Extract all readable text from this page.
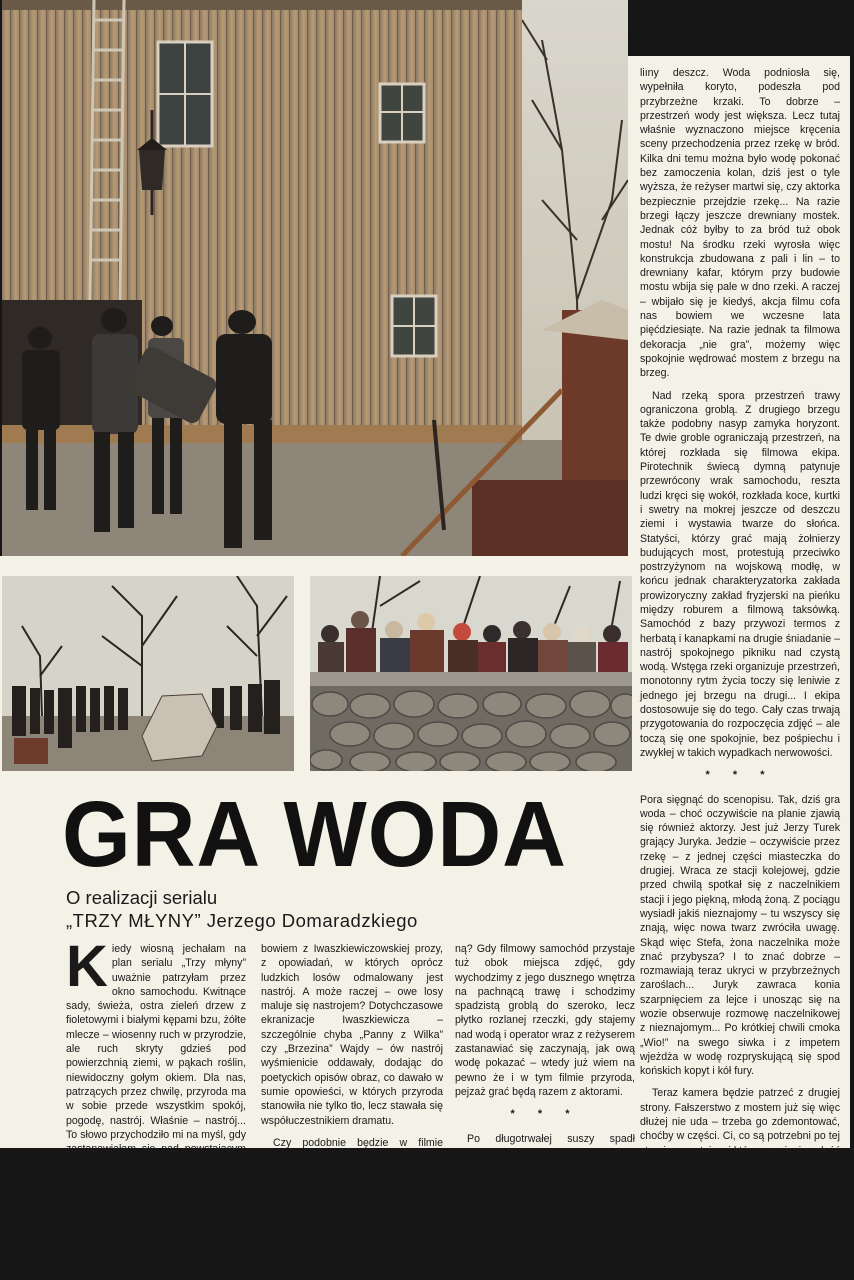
liıny deszcz. Woda podniosła się, wypełniła koryto, podeszła pod przybrzeżne krzaki. To dobrze – przestrzeń wody jest większa. Lecz tutaj właśnie wyznaczono miejsce kręcenia sceny przechodzenia przez rzekę w bród. Kilka dni temu można było wodę pokonać bez zamoczenia kolan, dziś jest o tyle wyższa, że reżyser martwi się, czy aktorka bezpiecznie przejdzie rzekę... Na razie brzegi łączy jeszcze drewniany mostek. Jednak cóż byłby to za bród tuż obok mostu! Na środku rzeki wyrosła więc konstrukcja zbudowana z pali i lin – to drewniany kafar, którym przy budowie mostu wbija się pale w dno rzeki. A raczej – wbijało się je kiedyś, akcja filmu cofa nas bowiem we wczesne lata pięćdziesiąte. Na razie jednak ta filmowa dekoracja „nie gra”, możemy więc spokojnie wędrować mostem z brzegu na brzeg.

Nad rzeką spora przestrzeń trawy ograniczona groblą. Z drugiego brzegu także podobny nasyp zamyka horyzont. Te dwie groble ograniczają przestrzeń, na której rozkłada się filmowa ekipa. Pirotechnik świecą dymną patynuje przewrócony wrak samochodu, reszta ludzi kręci się wokół, rozkłada koce, kurtki i swetry na mokrej jeszcze od deszczu ziemi i wystawia twarze do słońca. Statyści, którzy grać mają żołnierzy budujących most, protestują przeciwko postrzyżynom na wojskową modłę, w końcu jednak charakteryzatorka zakłada prowizoryczny zakład fryzjerski na pieńku między roburem a filmową taksówką. Samochód z bazy przywozi termos z herbatą i kanapkami na drugie śniadanie – nastrój spokojnego pikniku nad czystą wodą. Wstęga rzeki organizuje przestrzeń, monotonny rytm życia toczy się leniwie z jednego jej brzegu na drugi... I ekipa dostosowuje się do tego. Cały czas trwają przygotowania do rozpoczęcia zdjęć – ale toczą się one spokojnie, bez pośpiechu i zwykłej w takich wypadkach nerwowości.

* * *

Pora sięgnąć do scenopisu. Tak, dziś gra woda – choć oczywiście na planie zjawią się również aktorzy. Jest już Jerzy Turek grający Juryka. Jedzie – oczywiście przez rzekę – z jednej części miasteczka do drugiej. Wraca ze stacji kolejowej, gdzie przed chwilą spotkał się z naczelnikiem stacji i jego piękną, młodą żoną. Z pociągu wysiadł jakiś nieznajomy – tu wszyscy się znają, więc nowa twarz zwróciła uwagę. Skąd więc Stefa, żona naczelnika może znać przybysza? I to znać dobrze – rozmawiają teraz ukryci w przybrzeżnych zaroślach... Juryk zawraca konia szarpnięciem za lejce i unosząc się na wozie obserwuje rozmowę naczelnikowej z nieznajomym... Po krótkiej chwili cmoka „Wio!” na swego siwka i z impetem wjeżdża w wodę rozpryskującą się spod końskich kopyt i kół fury.

Teraz kamera będzie patrzeć z drugiej strony. Fałszerstwo z mostem już się więc dłużej nie uda – trzeba go zdemontować, choćby w części. Ci, co są potrzebni po tej stronie – zostają, ci którzy powinni znaleźć się za wodą – przechodzą. Teraz naprawdę dzieli nas koryto rzeki i pas wody, słowa między brzegami biegną przez tubę. Jakaś dziewczynka – statystka – ma w czasie ujęcia przechodzić przez rzekę, zabiera się do tego nie bez wahania, bo woda zimna, zdejmuje buty i skarpetki i powoli, coraz głębiej, aż

GRA WODA
O realizacji serialu
„TRZY MŁYNY” Jerzego Domaradzkiego

Kiedy wiosną jechałam na plan serialu „Trzy młyny” uważnie patrzyłam przez okno samochodu. Kwitnące sady, świeża, ostra zieleń drzew z fioletowymi i białymi kępami bzu, żółte mlecze – wiosenny ruch w przyrodzie, ale ruch skryty gdzieś pod powierzchnią ziemi, w pąkach roślin, niewidoczny gołym okiem. Dla nas, patrzących przez chwilę, przyroda ma w sobie przede wszystkim spokój, pogodę, nastrój. Właśnie – nastrój... To słowo przychodziło mi na myśl, gdy zastanawiałam się nad powstającym właśnie filmem. Scenariusz „Trzech młynów” wyrósł

bowiem z Iwaszkiewiczowskiej prozy, z opowiadań, w których oprócz ludzkich losów odmalowany jest nastrój. A może raczej – owe losy maluje się nastrojem? Dotychczasowe ekranizacje Iwaszkiewicza – szczególnie chyba „Panny z Wilka” czy „Brzezina” Wajdy – ów nastrój wyśmienicie oddawały, dodając do poetyckich opisów obraz, co dawało w sumie opowieści, w których przyroda stanowiła nie tylko tło, lecz stawała się współuczestnikiem dramatu.

Czy podobnie będzie w filmie Jerzego Domaradzkiego, tym właśnie, którego kolejne sceny za chwilę powsta-

ną? Gdy filmowy samochód przystaje tuż obok miejsca zdjęć, gdy wychodzimy z jego dusznego wnętrza na pachnącą trawę i schodzimy spadzistą groblą do szeroko, lecz płytko rozlanej rzeczki, gdy stajemy nad wodą i operator wraz z reżyserem zastanawiać się zaczynają, jak ową wodę pokazać – wtedy już wiem na pewno że i w tym filmie przyroda, pejzaż grać będą razem z aktorami.

* * *

Po długotrwałej suszy spadł wreszcie przed paroma dniami pierwszy so-
